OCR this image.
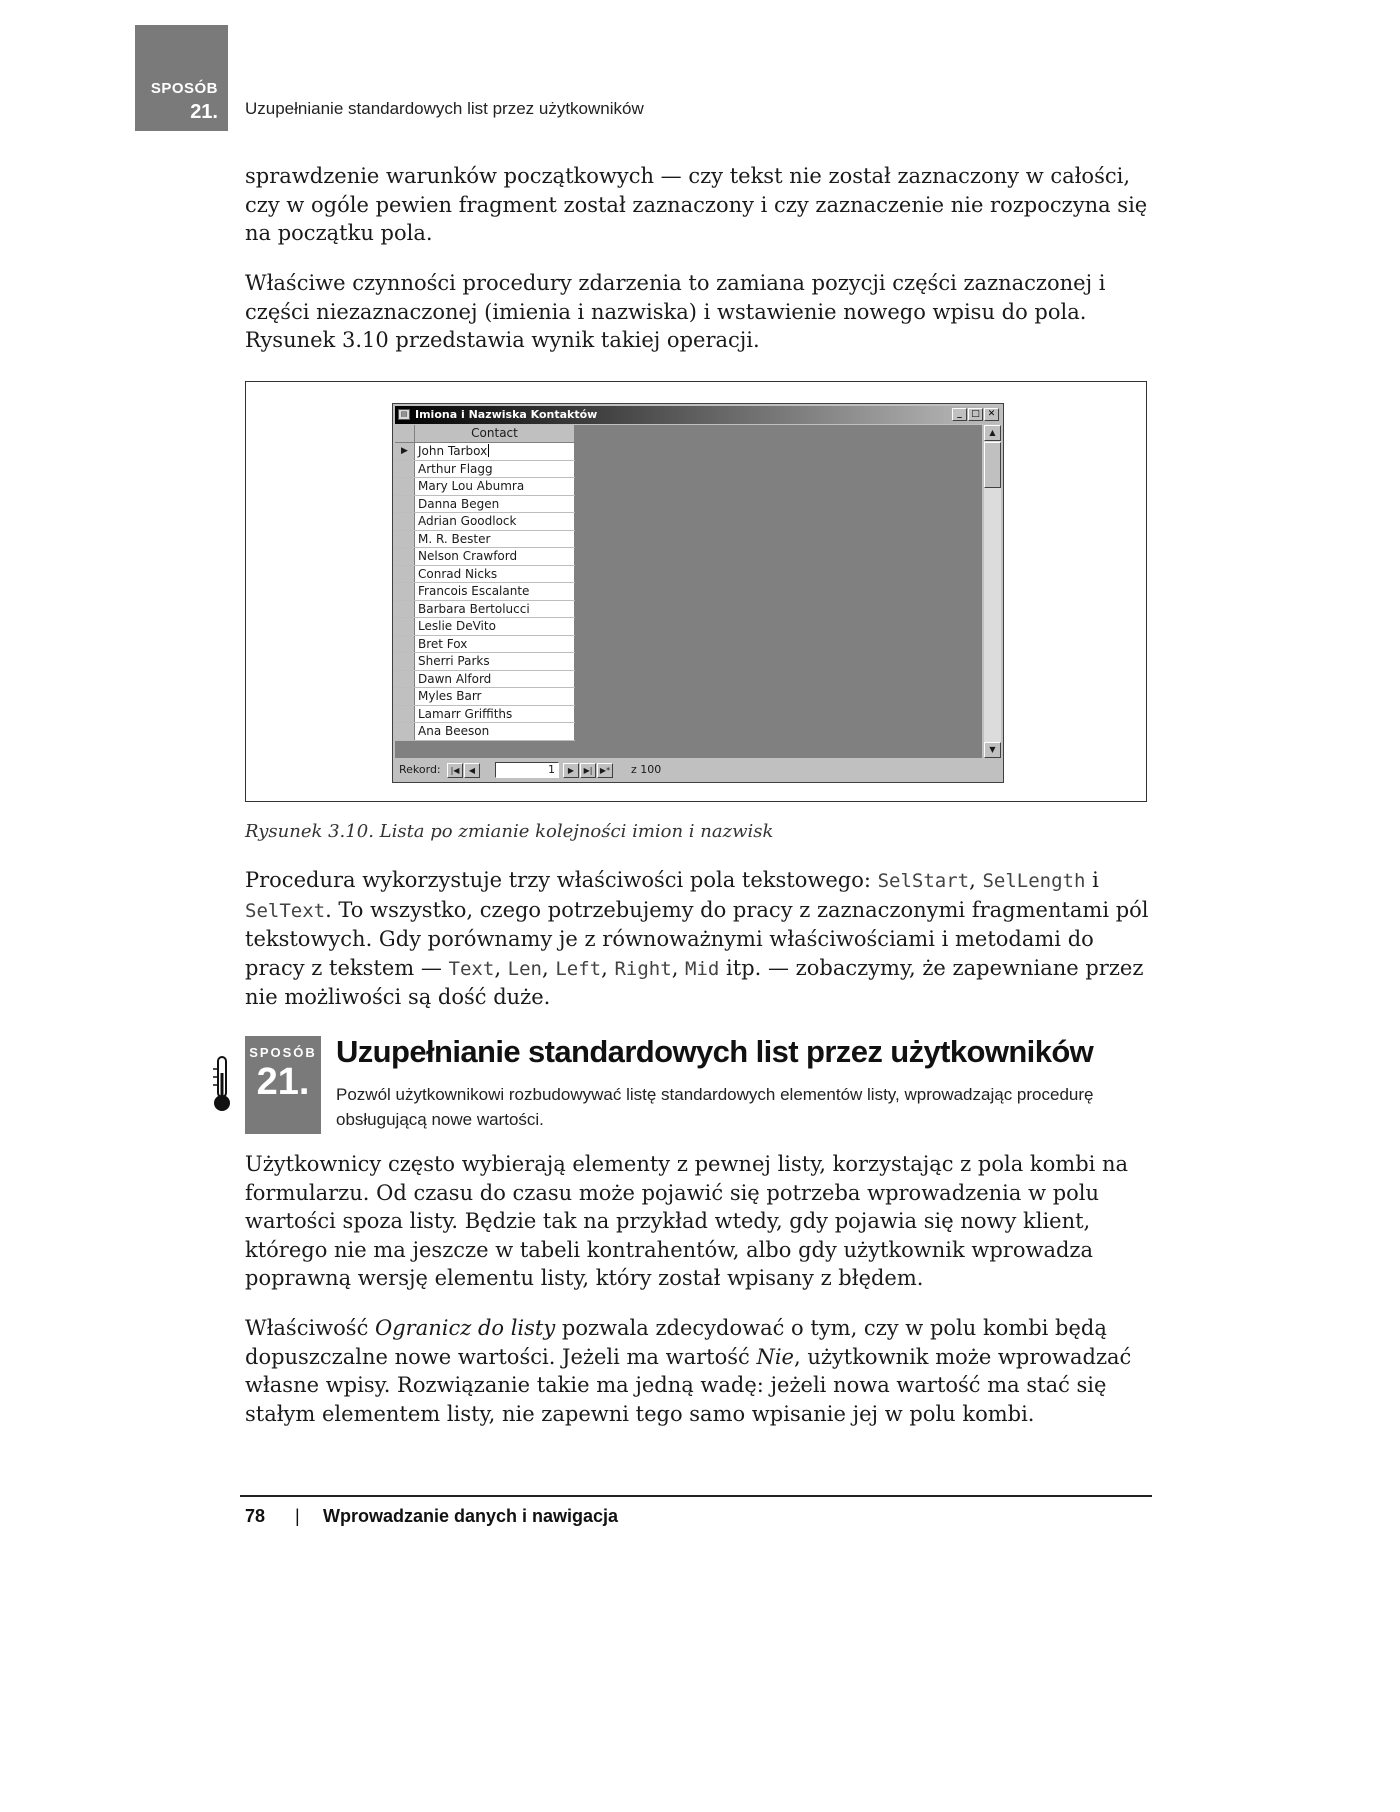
SPOSÓB
21. Uzupełnianie standardowych list przez użytkowników

sprawdzenie warunków początkowych — czy tekst nie został zaznaczony w całości, czy w ogóle pewien fragment został zaznaczony i czy zaznaczenie nie rozpoczyna się na początku pola.

Właściwe czynności procedury zdarzenia to zamiana pozycji części zaznaczonej i części niezaznaczonej (imienia i nazwiska) i wstawienie nowego wpisu do pola. Rysunek 3.10 przedstawia wynik takiej operacji.

▤ Imiona i Nazwiska Kontaktów	_ □ ✕
Contact
▶ John Tarbox
Arthur Flagg
Mary Lou Abumra
Danna Begen
Adrian Goodlock
M. R. Bester
Nelson Crawford
Conrad Nicks
Francois Escalante
Barbara Bertolucci
Leslie DeVito
Bret Fox
Sherri Parks
Dawn Alford
Myles Barr
Lamarr Griffiths
Ana Beeson
▲
▼
Rekord:	|◀	◀	1	▶	▶| ▶* z 100
Rysunek 3.10. Lista po zmianie kolejności imion i nazwisk

Procedura wykorzystuje trzy właściwości pola tekstowego: SelStart, SelLength i SelText. To wszystko, czego potrzebujemy do pracy z zaznaczonymi fragmentami pól tekstowych. Gdy porównamy je z równoważnymi właściwościami i metodami do pracy z tekstem — Text, Len, Left, Right, Mid itp. — zobaczymy, że zapewniane przez nie możliwości są dość duże.

SPOSÓB
21.
Uzupełnianie standardowych list przez użytkowników
Pozwól użytkownikowi rozbudowywać listę standardowych elementów listy, wprowadzając procedurę obsługującą nowe wartości.

Użytkownicy często wybierają elementy z pewnej listy, korzystając z pola kombi na formularzu. Od czasu do czasu może pojawić się potrzeba wprowadzenia w polu wartości spoza listy. Będzie tak na przykład wtedy, gdy pojawia się nowy klient, którego nie ma jeszcze w tabeli kontrahentów, albo gdy użytkownik wprowadza poprawną wersję elementu listy, który został wpisany z błędem.

Właściwość Ogranicz do listy pozwala zdecydować o tym, czy w polu kombi będą dopuszczalne nowe wartości. Jeżeli ma wartość Nie, użytkownik może wprowadzać własne wpisy. Rozwiązanie takie ma jedną wadę: jeżeli nowa wartość ma stać się stałym elementem listy, nie zapewni tego samo wpisanie jej w polu kombi.

78 | Wprowadzanie danych i nawigacja
